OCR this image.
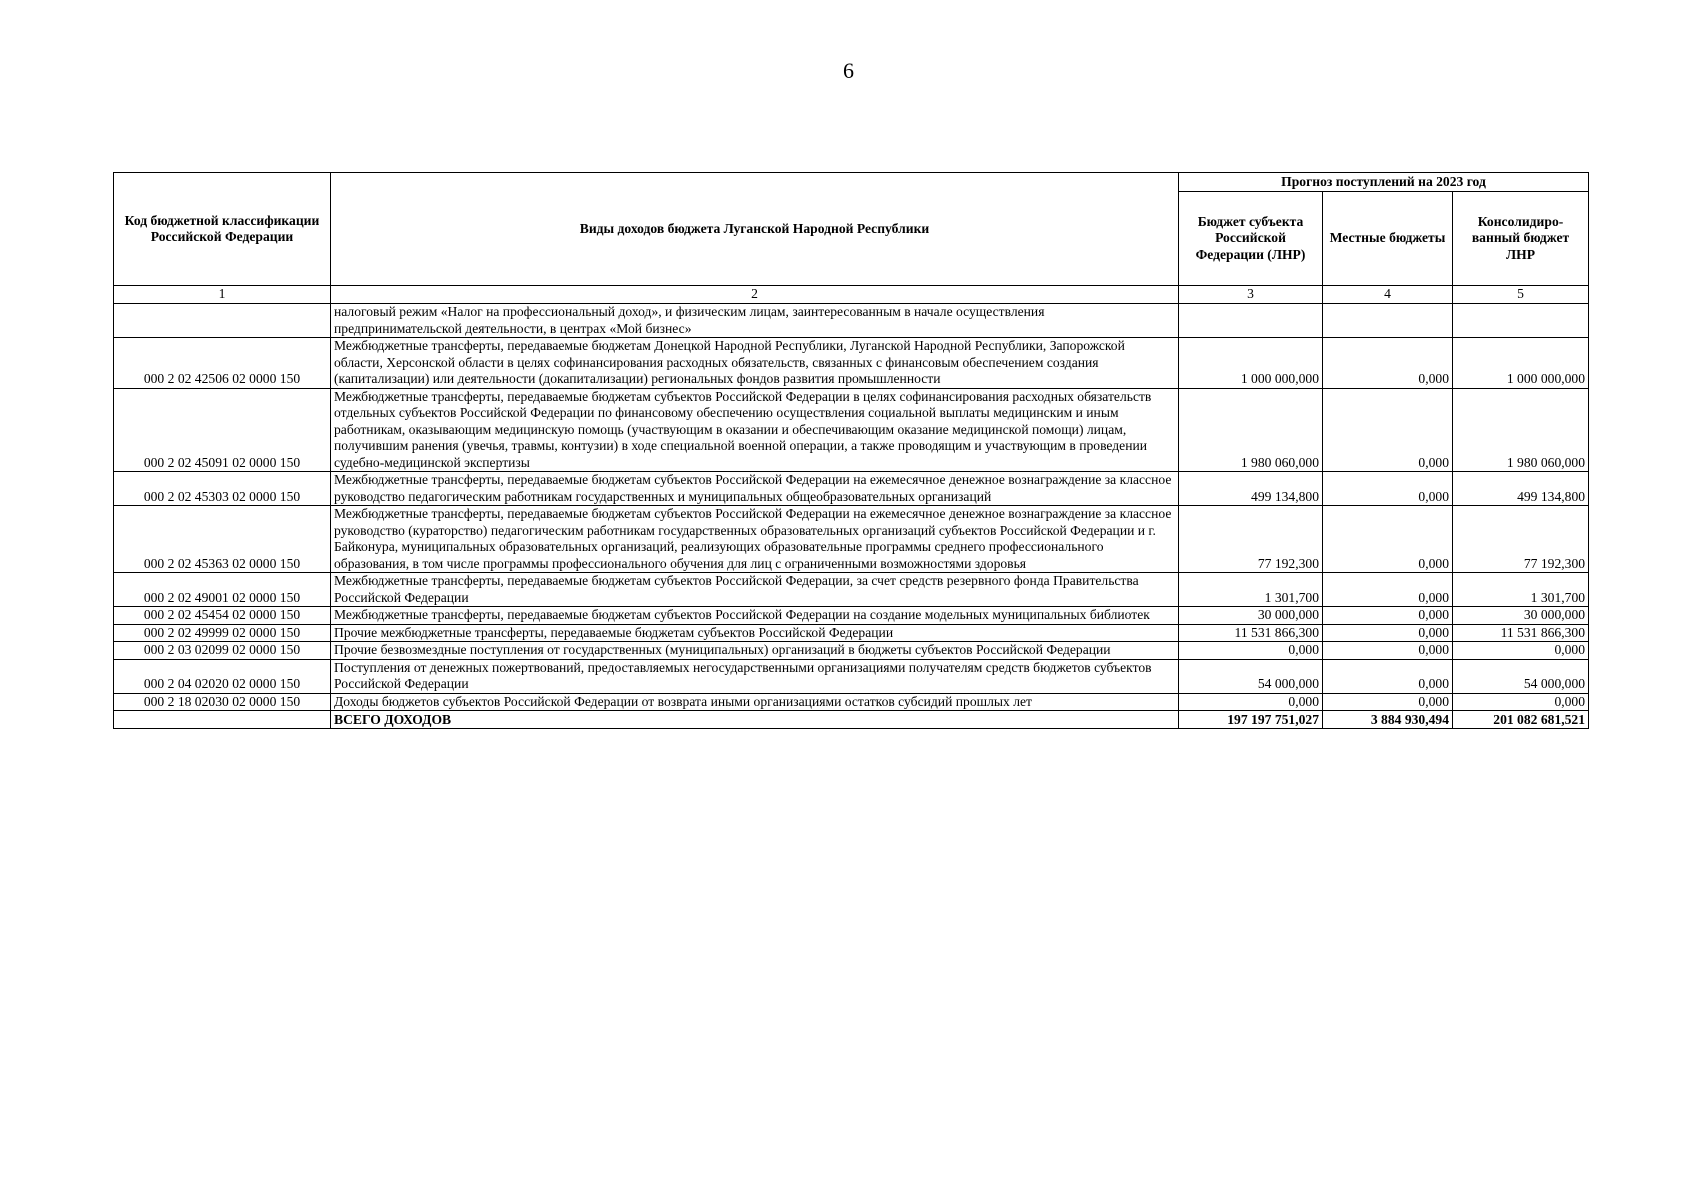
6
Код бюджетной классификации Российской Федерации	Виды доходов бюджета Луганской Народной Республики	Прогноз поступлений на 2023 год		
		Бюджет субъекта Российской Федерации (ЛНР)	Местные бюджеты	Консолидиро- ванный бюджет ЛНР
1	2	3	4	5
	налоговый режим «Налог на профессиональный доход», и физическим лицам, заинтересованным в начале осуществления предпринимательской деятельности, в центрах «Мой бизнес»			
000 2 02 42506 02 0000 150	Межбюджетные трансферты, передаваемые бюджетам Донецкой Народной Республики, Луганской Народной Республики, Запорожской области, Херсонской области в целях софинансирования расходных обязательств, связанных с финансовым обеспечением создания (капитализации) или деятельности (докапитализации) региональных фондов развития промышленности	1 000 000,000	0,000	1 000 000,000
000 2 02 45091 02 0000 150	Межбюджетные трансферты, передаваемые бюджетам субъектов Российской Федерации в целях софинансирования расходных обязательств отдельных субъектов Российской Федерации по финансовому обеспечению осуществления социальной выплаты медицинским и иным работникам, оказывающим медицинскую помощь (участвующим в оказании и обеспечивающим оказание медицинской помощи) лицам, получившим ранения (увечья, травмы, контузии) в ходе специальной военной операции, а также проводящим и участвующим в проведении судебно-медицинской экспертизы	1 980 060,000	0,000	1 980 060,000
000 2 02 45303 02 0000 150	Межбюджетные трансферты, передаваемые бюджетам субъектов Российской Федерации на ежемесячное денежное вознаграждение за классное руководство педагогическим работникам государственных и муниципальных общеобразовательных организаций	499 134,800	0,000	499 134,800
000 2 02 45363 02 0000 150	Межбюджетные трансферты, передаваемые бюджетам субъектов Российской Федерации на ежемесячное денежное вознаграждение за классное руководство (кураторство) педагогическим работникам государственных образовательных организаций субъектов Российской Федерации и г. Байконура, муниципальных образовательных организаций, реализующих образовательные программы среднего профессионального образования, в том числе программы профессионального обучения для лиц с ограниченными возможностями здоровья	77 192,300	0,000	77 192,300
000 2 02 49001 02 0000 150	Межбюджетные трансферты, передаваемые бюджетам субъектов Российской Федерации, за счет средств резервного фонда Правительства Российской Федерации	1 301,700	0,000	1 301,700
000 2 02 45454 02 0000 150	Межбюджетные трансферты, передаваемые бюджетам субъектов Российской Федерации на создание модельных муниципальных библиотек	30 000,000	0,000	30 000,000
000 2 02 49999 02 0000 150	Прочие межбюджетные трансферты, передаваемые бюджетам субъектов Российской Федерации	11 531 866,300	0,000	11 531 866,300
000 2 03 02099 02 0000 150	Прочие безвозмездные поступления от государственных (муниципальных) организаций в бюджеты субъектов Российской Федерации	0,000	0,000	0,000
000 2 04 02020 02 0000 150	Поступления от денежных пожертвований, предоставляемых негосударственными организациями получателям средств бюджетов субъектов Российской Федерации	54 000,000	0,000	54 000,000
000 2 18 02030 02 0000 150	Доходы бюджетов субъектов Российской Федерации от возврата иными организациями остатков субсидий прошлых лет	0,000	0,000	0,000
	ВСЕГО ДОХОДОВ	197 197 751,027	3 884 930,494	201 082 681,521
